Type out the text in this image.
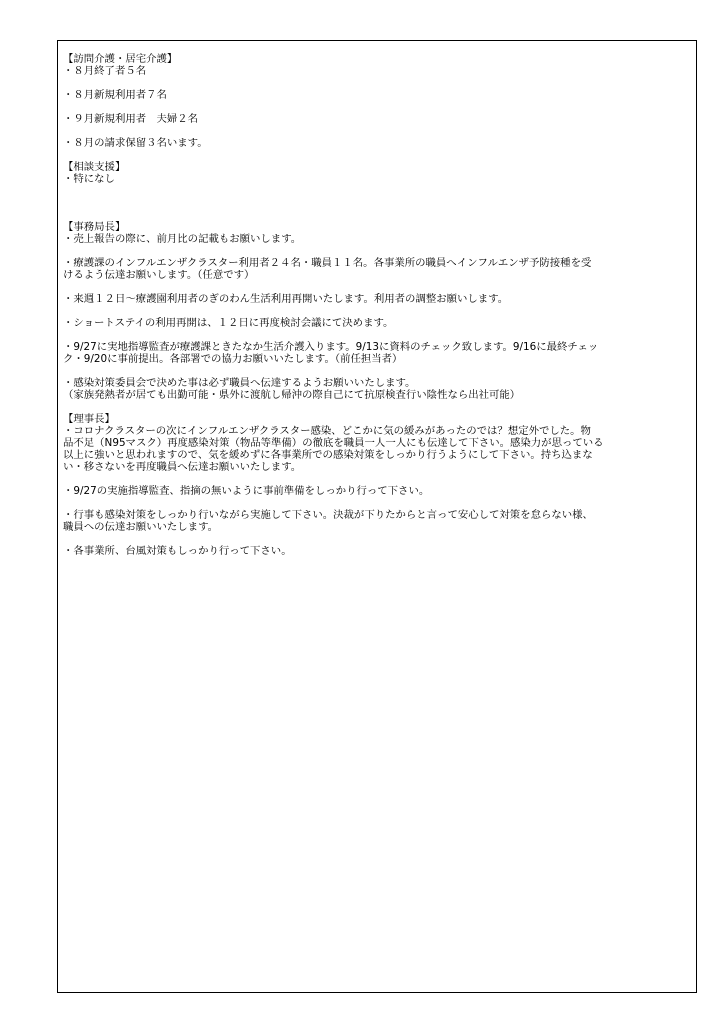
【訪問介護・居宅介護】
・８月終了者５名
・８月新規利用者７名
・９月新規利用者　夫婦２名
・８月の請求保留３名います。
【相談支援】
・特になし
【事務局長】
・売上報告の際に、前月比の記載もお願いします。
・療護課のインフルエンザクラスター利用者２４名・職員１１名。各事業所の職員へインフルエンザ予防接種を受
けるよう伝達お願いします。（任意です）
・来週１２日～療護園利用者のぎのわん生活利用再開いたします。利用者の調整お願いします。
・ショートステイの利用再開は、１２日に再度検討会議にて決めます。
・9/27に実地指導監査が療護課ときたなか生活介護入ります。9/13に資料のチェック致します。9/16に最終チェッ
ク・9/20に事前提出。各部署での協力お願いいたします。（前任担当者）
・感染対策委員会で決めた事は必ず職員へ伝達するようお願いいたします。
（家族発熱者が居ても出勤可能・県外に渡航し帰沖の際自己にて抗原検査行い陰性なら出社可能）
【理事長】
・コロナクラスターの次にインフルエンザクラスター感染、どこかに気の緩みがあったのでは？想定外でした。物
品不足（N95マスク）再度感染対策（物品等準備）の徹底を職員一人一人にも伝達して下さい。感染力が思っている
以上に強いと思われますので、気を緩めずに各事業所での感染対策をしっかり行うようにして下さい。持ち込まな
い・移さないを再度職員へ伝達お願いいたします。
・9/27の実施指導監査、指摘の無いように事前準備をしっかり行って下さい。
・行事も感染対策をしっかり行いながら実施して下さい。決裁が下りたからと言って安心して対策を怠らない様、
職員への伝達お願いいたします。
・各事業所、台風対策もしっかり行って下さい。
